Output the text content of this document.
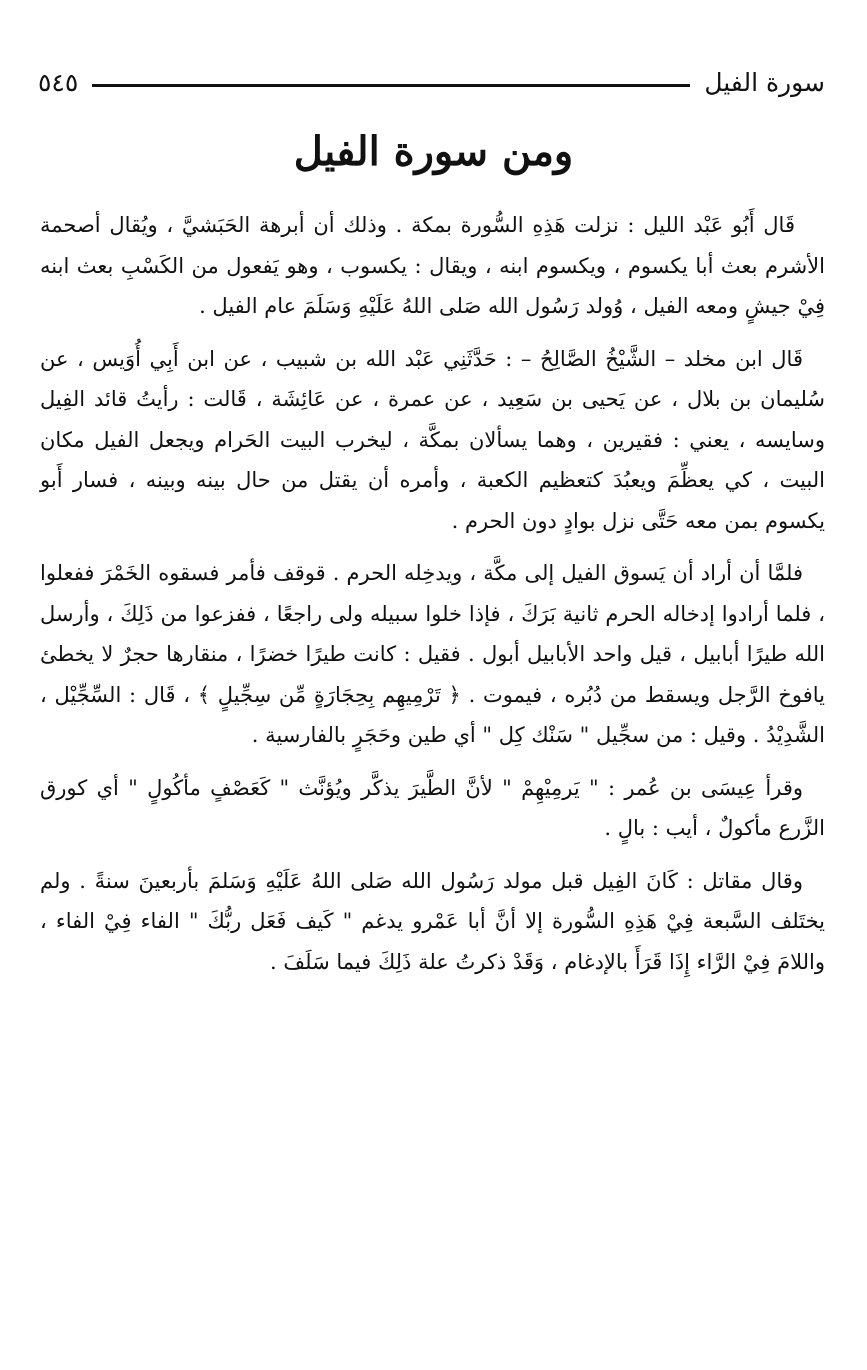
سورة الفيل
٥٤٥
ومن سورة الفيل

قَال أَبُو عَبْد الليل : نزلت هَذِهِ السُّورة بمكة . وذلك أن أبرهة الحَبَشيَّ ، ويُقال أصحمة الأشرم بعث أبا يكسوم ، ويكسوم ابنه ، ويقال : يكسوب ، وهو يَفعول من الكَسْبِ بعث ابنه فِيْ جيشٍ ومعه الفيل ، وُولد رَسُول الله صَلى اللهُ عَلَيْهِ وَسَلَمَ عام الفيل .

قَال ابن مخلد – الشَّيْخُ الصَّالِحُ – : حَدَّثَنِي عَبْد الله بن شبيب ، عن ابن أَبِي أُوَيس ، عن سُليمان بن بلال ، عن يَحيى بن سَعِيد ، عن عمرة ، عن عَائِشَة ، قَالت : رأيتُ قائد الفِيل وسايسه ، يعني : فقيرين ، وهما يسألان بمكَّة ، ليخرب البيت الحَرام ويجعل الفيل مكان البيت ، كي يعظِّمَ ويعبُدَ كتعظيم الكعبة ، وأمره أن يقتل من حال بينه وبينه ، فسار أَبو يكسوم بمن معه حَتَّى نزل بوادٍ دون الحرم .

فلمَّا أن أراد أن يَسوق الفيل إلى مكَّة ، ويدخِله الحرم . قوقف فأمر فسقوه الخَمْرَ ففعلوا ، فلما أرادوا إدخاله الحرم ثانية بَرَكَ ، فإذا خلوا سبيله ولى راجعًا ، ففزعوا من ذَلِكَ ، وأرسل الله طيرًا أبابيل ، قيل واحد الأبابيل أبول . فقيل : كانت طيرًا خضرًا ، منقارها حجرٌ لا يخطئ يافوخ الرَّجل ويسقط من دُبُره ، فيموت . ﴿ تَرْمِيهِم بِحِجَارَةٍ مِّن سِجِّيلٍ ﴾ ، قَال : السِّجِّيْل ، الشَّدِيْدُ . وقيل : من سجِّيل " سَنْك كِل " أي طين وحَجَرٍ بالفارسية .

وقرأ عِيسَى بن عُمر : " يَرمِيْهِمْ " لأنَّ الطَّيرَ يذكَّر ويُؤنَّث " كَعَصْفٍ مأكُولٍ " أي كورق الزَّرع مأكولٌ ، أيب : بالٍ .

وقال مقاتل : كَانَ الفِيل قبل مولد رَسُول الله صَلى اللهُ عَلَيْهِ وَسَلمَ بأربعينَ سنةً . ولم يختَلف السَّبعة فِيْ هَذِهِ السُّورة إلا أنَّ أبا عَمْرو يدغم " كَيف فَعَل ربُّكَ " الفاء فِيْ الفاء ، واللامَ فِيْ الرَّاء إِذَا قَرَأَ بالإدغام ، وَقَدْ ذكرتُ علة ذَلِكَ فيما سَلَفَ .
